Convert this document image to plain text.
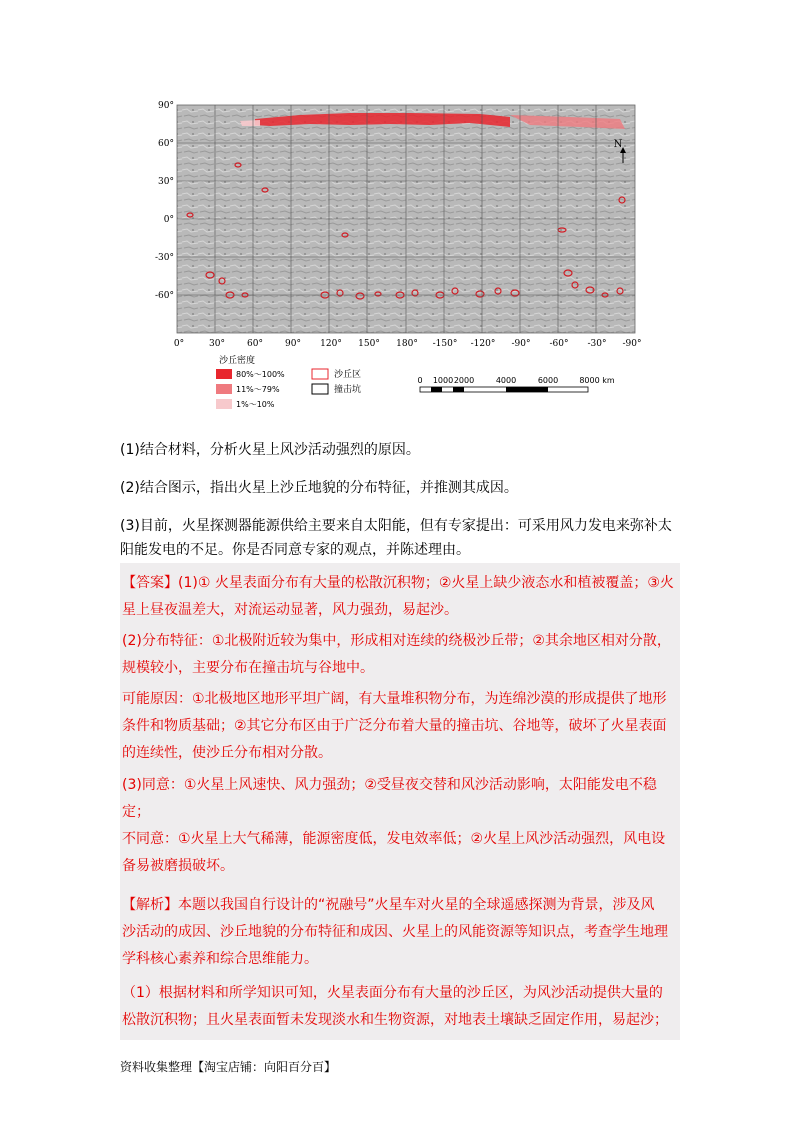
90°
60°
30°
0°
-30°
-60°
0°	30° 60° 90° 120° 150° 180° -150° -120° -90° -60° -30° -90°
N
沙丘密度
80%～100%
11%～79%
1%～10%
沙丘区
撞击坑
0 1000 2000	4000	6000	8000 km
(1)结合材料，分析火星上风沙活动强烈的原因。
(2)结合图示，指出火星上沙丘地貌的分布特征，并推测其成因。
(3)目前，火星探测器能源供给主要来自太阳能，但有专家提出：可采用风力发电来弥补太
阳能发电的不足。你是否同意专家的观点，并陈述理由。
【答案】(1)① 火星表面分布有大量的松散沉积物；②火星上缺少液态水和植被覆盖；③火
星上昼夜温差大，对流运动显著，风力强劲，易起沙。
(2)分布特征：①北极附近较为集中，形成相对连续的绕极沙丘带；②其余地区相对分散，
规模较小，主要分布在撞击坑与谷地中。
可能原因：①北极地区地形平坦广阔，有大量堆积物分布，为连绵沙漠的形成提供了地形
条件和物质基础；②其它分布区由于广泛分布着大量的撞击坑、谷地等，破坏了火星表面
的连续性，使沙丘分布相对分散。
(3)同意：①火星上风速快、风力强劲；②受昼夜交替和风沙活动影响，太阳能发电不稳定；
不同意：①火星上大气稀薄，能源密度低，发电效率低；②火星上风沙活动强烈，风电设
备易被磨损破坏。
【解析】本题以我国自行设计的“祝融号”火星车对火星的全球遥感探测为背景，涉及风
沙活动的成因、沙丘地貌的分布特征和成因、火星上的风能资源等知识点，考查学生地理
学科核心素养和综合思维能力。
（1）根据材料和所学知识可知，火星表面分布有大量的沙丘区，为风沙活动提供大量的
松散沉积物；且火星表面暂未发现淡水和生物资源，对地表土壤缺乏固定作用，易起沙；
资料收集整理【淘宝店铺：向阳百分百】
